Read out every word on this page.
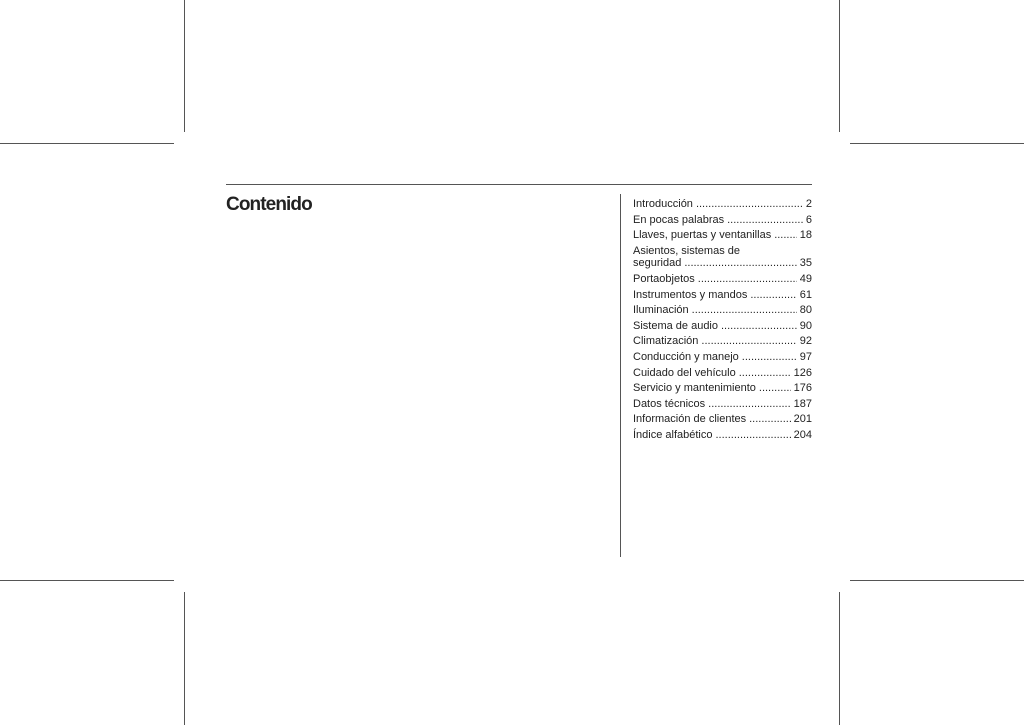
Contenido	Introducción .....	2
En pocas palabras .....	6
Llaves, puertas y ventanillas .....	18
Asientos, sistemas de
seguridad .....	35
Portaobjetos .....	49
Instrumentos y mandos .....	61
Iluminación .....	80
Sistema de audio .....	90
Climatización .....	92
Conducción y manejo .....	97
Cuidado del vehículo .....	126
Servicio y mantenimiento .....	176
Datos técnicos .....	187
Información de clientes .....	201
Índice alfabético .....	204
